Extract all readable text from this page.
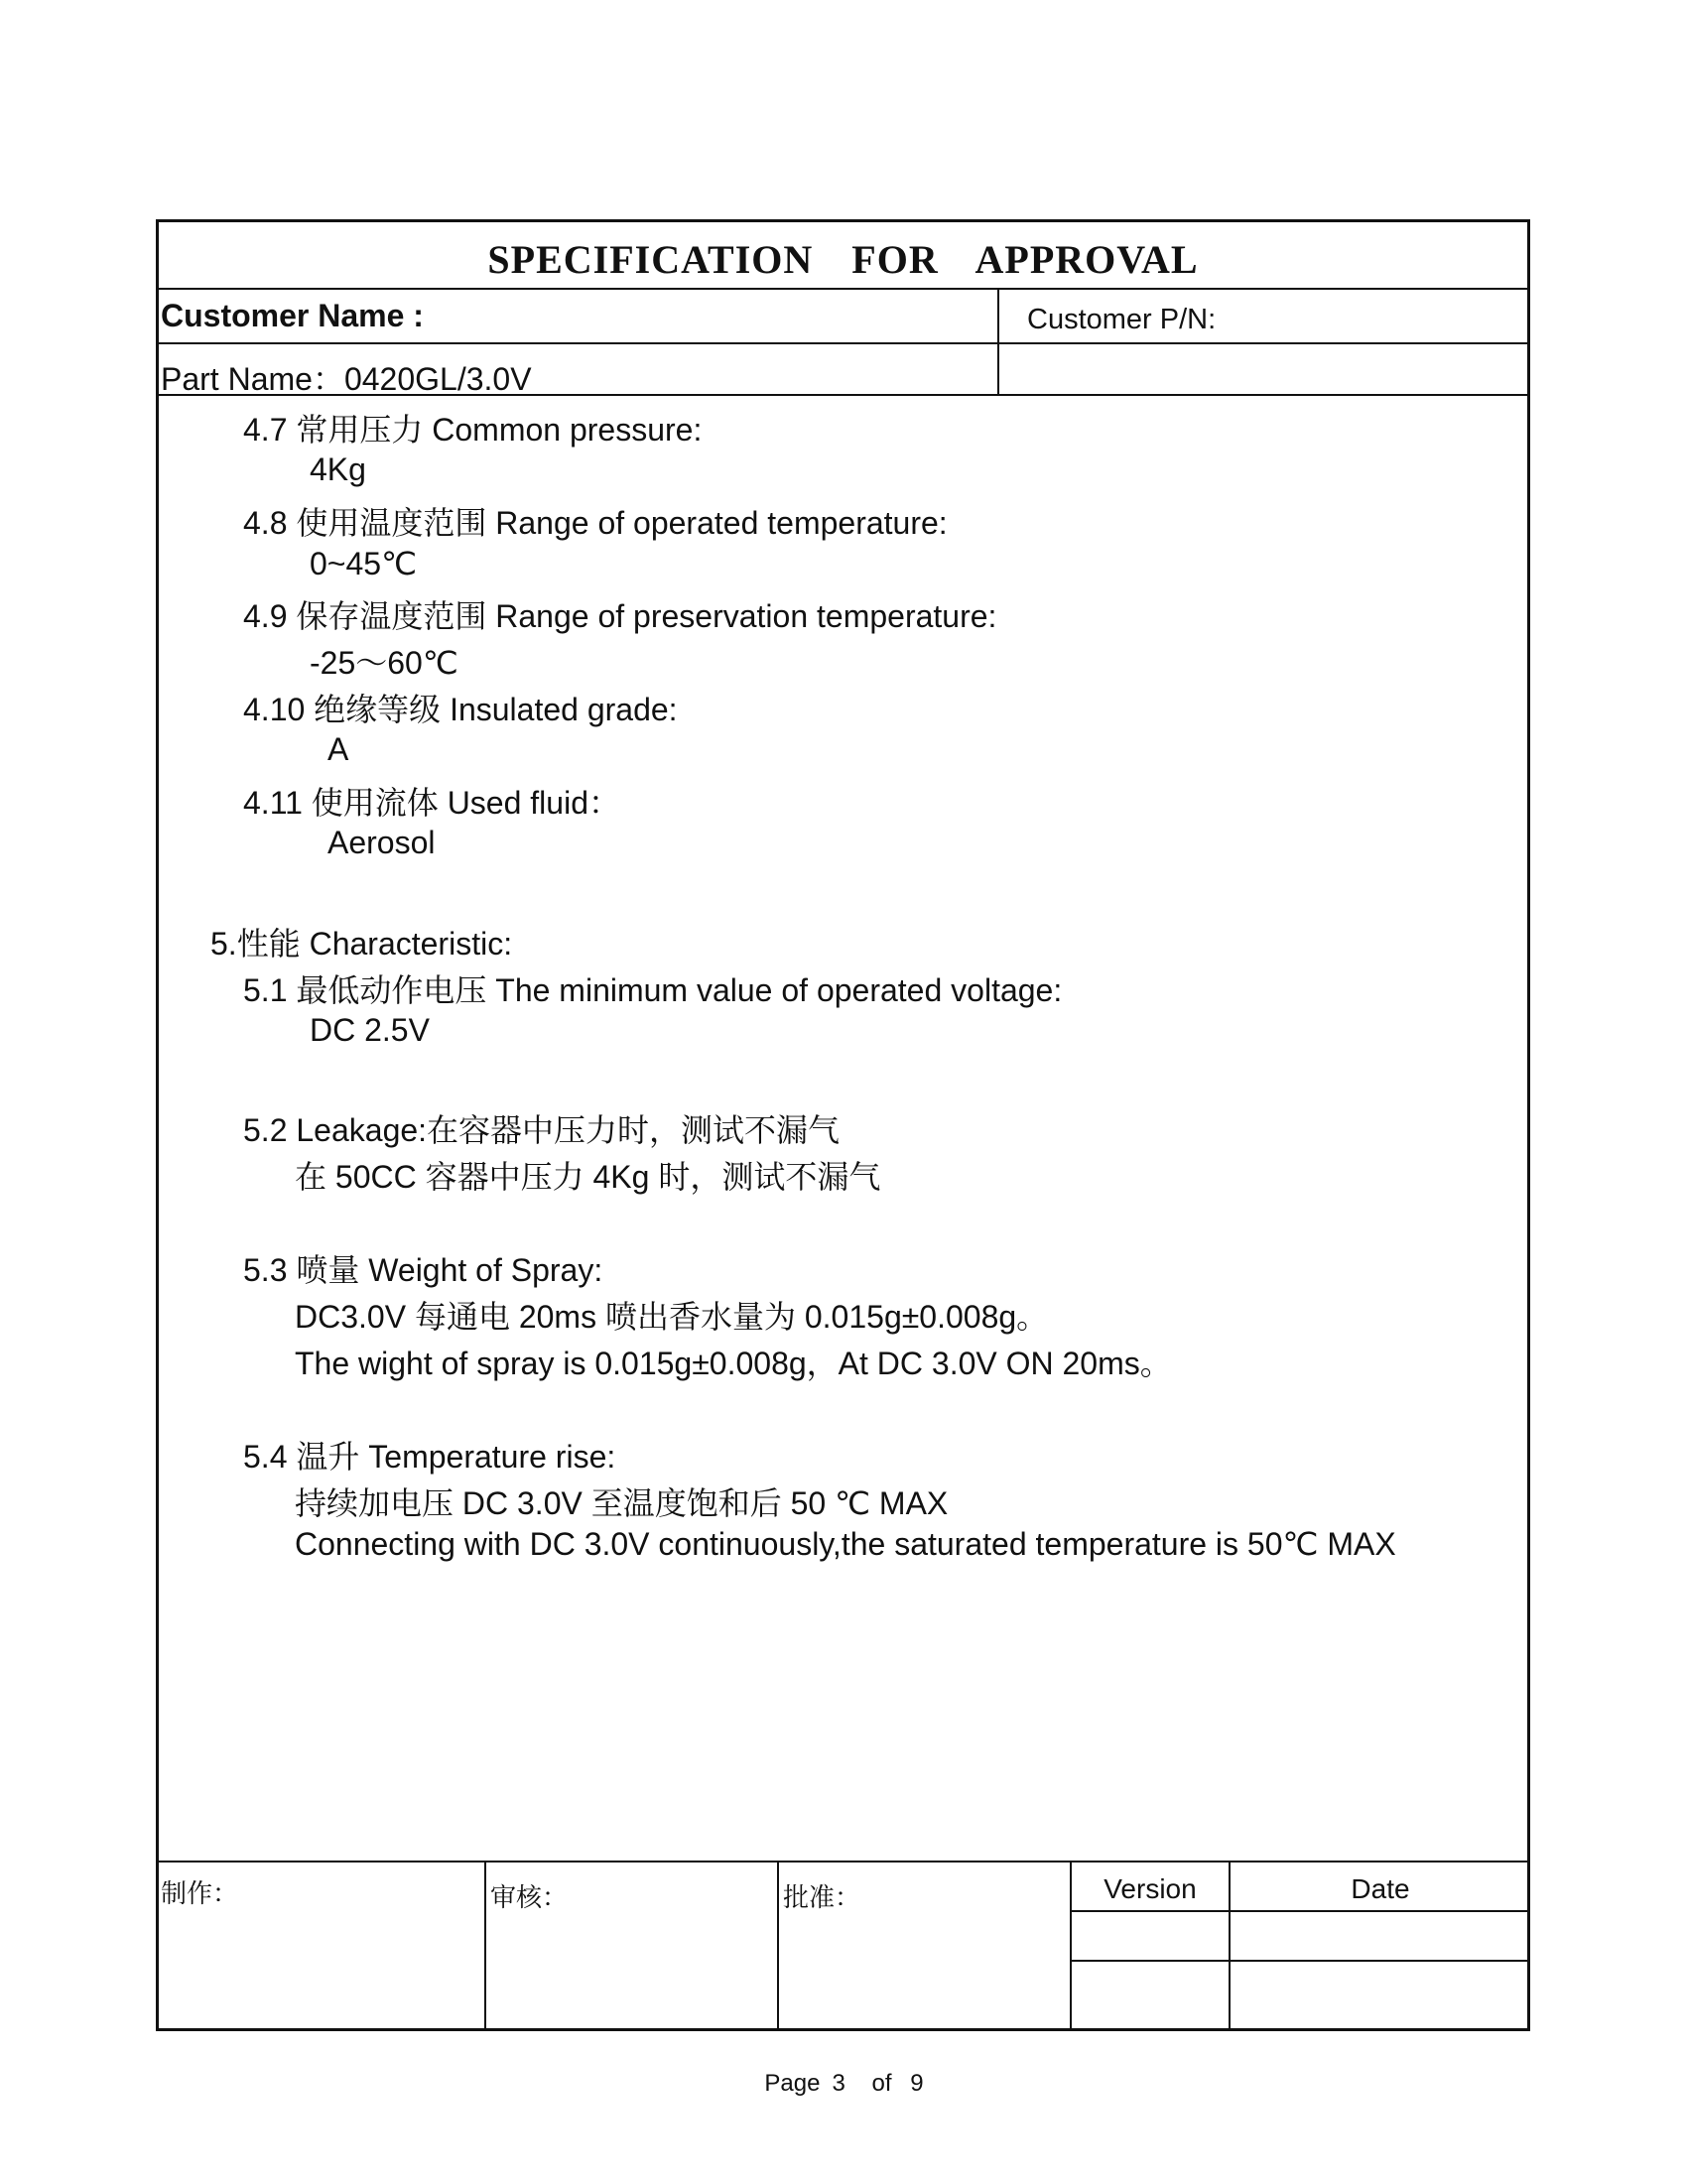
SPECIFICATION FOR APPROVAL
Customer Name :	Customer P/N:
Part Name：0420GL/3.0V
4.7 常用压力 Common pressure:
4Kg
4.8 使用温度范围 Range of operated temperature:
0~45℃
4.9 保存温度范围 Range of preservation temperature:
-25～60℃
4.10 绝缘等级 Insulated grade:
A
4.11 使用流体 Used fluid：
Aerosol
5.性能 Characteristic:
5.1 最低动作电压 The minimum value of operated voltage:
DC 2.5V
5.2 Leakage:在容器中压力时，测试不漏气
在 50CC 容器中压力 4Kg 时，测试不漏气
5.3 喷量 Weight of Spray:
DC3.0V 每通电 20ms 喷出香水量为 0.015g±0.008g。
The wight of spray is 0.015g±0.008g，At DC 3.0V ON 20ms。
5.4 温升 Temperature rise:
持续加电压 DC 3.0V 至温度饱和后 50 ℃ MAX
Connecting with DC 3.0V continuously,the saturated temperature is 50℃ MAX
制作：	审核：	批准：	Version	Date
Page 3 of 9
